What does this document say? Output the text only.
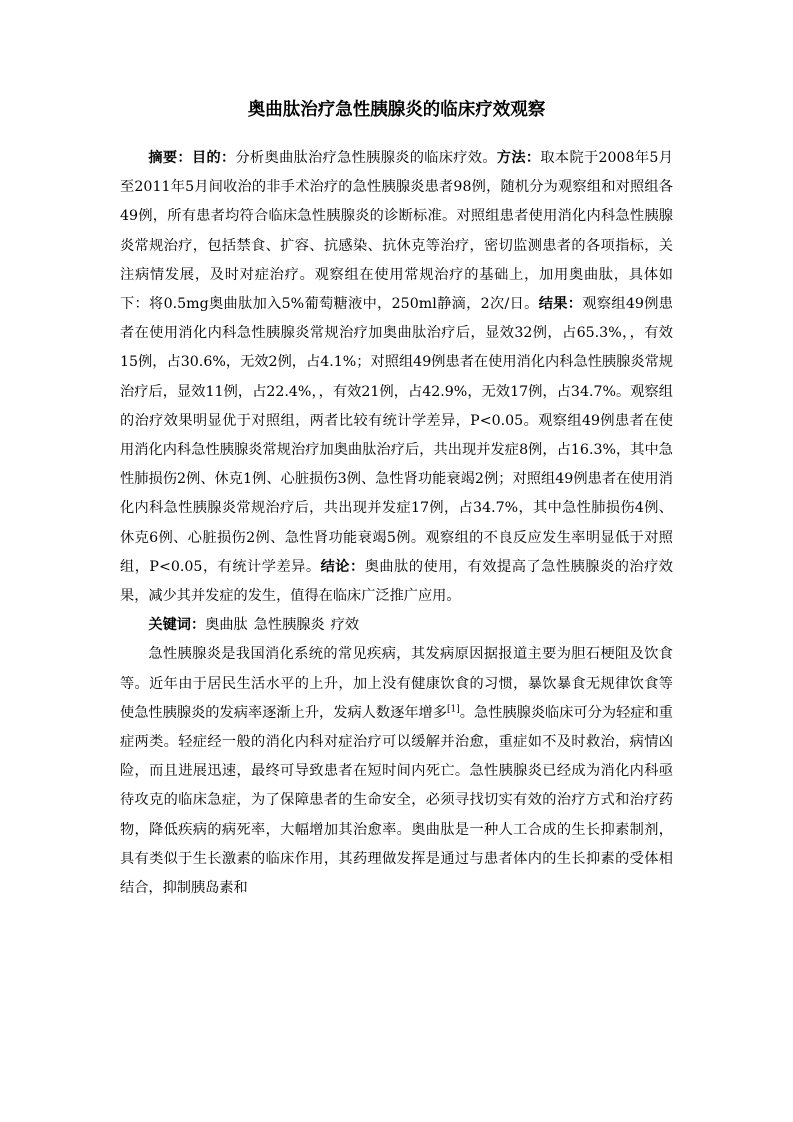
奥曲肽治疗急性胰腺炎的临床疗效观察

摘要：目的：分析奥曲肽治疗急性胰腺炎的临床疗效。方法：取本院于2008年5月至2011年5月间收治的非手术治疗的急性胰腺炎患者98例，随机分为观察组和对照组各49例，所有患者均符合临床急性胰腺炎的诊断标准。对照组患者使用消化内科急性胰腺炎常规治疗，包括禁食、扩容、抗感染、抗休克等治疗，密切监测患者的各项指标，关注病情发展，及时对症治疗。观察组在使用常规治疗的基础上，加用奥曲肽，具体如下：将0.5mg奥曲肽加入5%葡萄糖液中，250ml静滴，2次/日。结果：观察组49例患者在使用消化内科急性胰腺炎常规治疗加奥曲肽治疗后，显效32例，占65.3%，，有效15例，占30.6%，无效2例，占4.1%；对照组49例患者在使用消化内科急性胰腺炎常规治疗后，显效11例，占22.4%，，有效21例，占42.9%，无效17例，占34.7%。观察组的治疗效果明显优于对照组，两者比较有统计学差异，P<0.05。观察组49例患者在使用消化内科急性胰腺炎常规治疗加奥曲肽治疗后，共出现并发症8例，占16.3%，其中急性肺损伤2例、休克1例、心脏损伤3例、急性肾功能衰竭2例；对照组49例患者在使用消化内科急性胰腺炎常规治疗后，共出现并发症17例，占34.7%，其中急性肺损伤4例、休克6例、心脏损伤2例、急性肾功能衰竭5例。观察组的不良反应发生率明显低于对照组，P<0.05，有统计学差异。结论：奥曲肽的使用，有效提高了急性胰腺炎的治疗效果，减少其并发症的发生，值得在临床广泛推广应用。

关键词：奥曲肽 急性胰腺炎 疗效

急性胰腺炎是我国消化系统的常见疾病，其发病原因据报道主要为胆石梗阻及饮食等。近年由于居民生活水平的上升，加上没有健康饮食的习惯，暴饮暴食无规律饮食等使急性胰腺炎的发病率逐渐上升，发病人数逐年增多[1]。急性胰腺炎临床可分为轻症和重症两类。轻症经一般的消化内科对症治疗可以缓解并治愈，重症如不及时救治，病情凶险，而且进展迅速，最终可导致患者在短时间内死亡。急性胰腺炎已经成为消化内科亟待攻克的临床急症，为了保障患者的生命安全，必须寻找切实有效的治疗方式和治疗药物，降低疾病的病死率，大幅增加其治愈率。奥曲肽是一种人工合成的生长抑素制剂，具有类似于生长激素的临床作用，其药理做发挥是通过与患者体内的生长抑素的受体相结合，抑制胰岛素和
